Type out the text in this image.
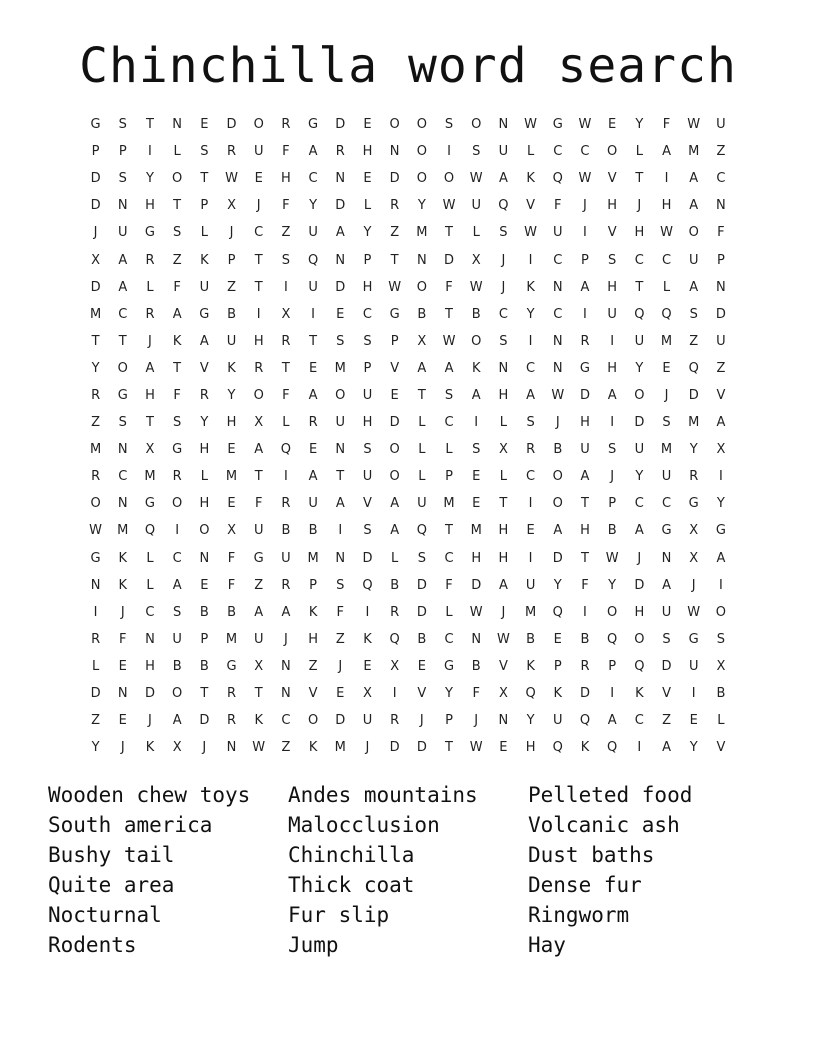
Chinchilla word search
G	S	T	N	E	D	O	R	G	D	E	O	O	S	O	N	W	G	W	E	Y	F	W	U
P	P	I	L	S	R	U	F	A	R	H	N	O	I	S	U	L	C	C	O	L	A	M	Z
D	S	Y	O	T	W	E	H	C	N	E	D	O	O	W	A	K	Q	W	V	T	I	A	C
D	N	H	T	P	X	J	F	Y	D	L	R	Y	W	U	Q	V	F	J	H	J	H	A	N
J	U	G	S	L	J	C	Z	U	A	Y	Z	M	T	L	S	W	U	I	V	H	W	O	F
X	A	R	Z	K	P	T	S	Q	N	P	T	N	D	X	J	I	C	P	S	C	C	U	P
D	A	L	F	U	Z	T	I	U	D	H	W	O	F	W	J	K	N	A	H	T	L	A	N
M	C	R	A	G	B	I	X	I	E	C	G	B	T	B	C	Y	C	I	U	Q	Q	S	D
T	T	J	K	A	U	H	R	T	S	S	P	X	W	O	S	I	N	R	I	U	M	Z	U
Y	O	A	T	V	K	R	T	E	M	P	V	A	A	K	N	C	N	G	H	Y	E	Q	Z
R	G	H	F	R	Y	O	F	A	O	U	E	T	S	A	H	A	W	D	A	O	J	D	V
Z	S	T	S	Y	H	X	L	R	U	H	D	L	C	I	L	S	J	H	I	D	S	M	A
M	N	X	G	H	E	A	Q	E	N	S	O	L	L	S	X	R	B	U	S	U	M	Y	X
R	C	M	R	L	M	T	I	A	T	U	O	L	P	E	L	C	O	A	J	Y	U	R	I
O	N	G	O	H	E	F	R	U	A	V	A	U	M	E	T	I	O	T	P	C	C	G	Y
W	M	Q	I	O	X	U	B	B	I	S	A	Q	T	M	H	E	A	H	B	A	G	X	G
G	K	L	C	N	F	G	U	M	N	D	L	S	C	H	H	I	D	T	W	J	N	X	A
N	K	L	A	E	F	Z	R	P	S	Q	B	D	F	D	A	U	Y	F	Y	D	A	J	I
I	J	C	S	B	B	A	A	K	F	I	R	D	L	W	J	M	Q	I	O	H	U	W	O
R	F	N	U	P	M	U	J	H	Z	K	Q	B	C	N	W	B	E	B	Q	O	S	G	S
L	E	H	B	B	G	X	N	Z	J	E	X	E	G	B	V	K	P	R	P	Q	D	U	X
D	N	D	O	T	R	T	N	V	E	X	I	V	Y	F	X	Q	K	D	I	K	V	I	B
Z	E	J	A	D	R	K	C	O	D	U	R	J	P	J	N	Y	U	Q	A	C	Z	E	L
Y	J	K	X	J	N	W	Z	K	M	J	D	D	T	W	E	H	Q	K	Q	I	A	Y	V
Wooden chew toys	Andes mountains	Pelleted food
South america	Malocclusion	Volcanic ash
Bushy tail	Chinchilla	Dust baths
Quite area	Thick coat	Dense fur
Nocturnal	Fur slip	Ringworm
Rodents	Jump	Hay
